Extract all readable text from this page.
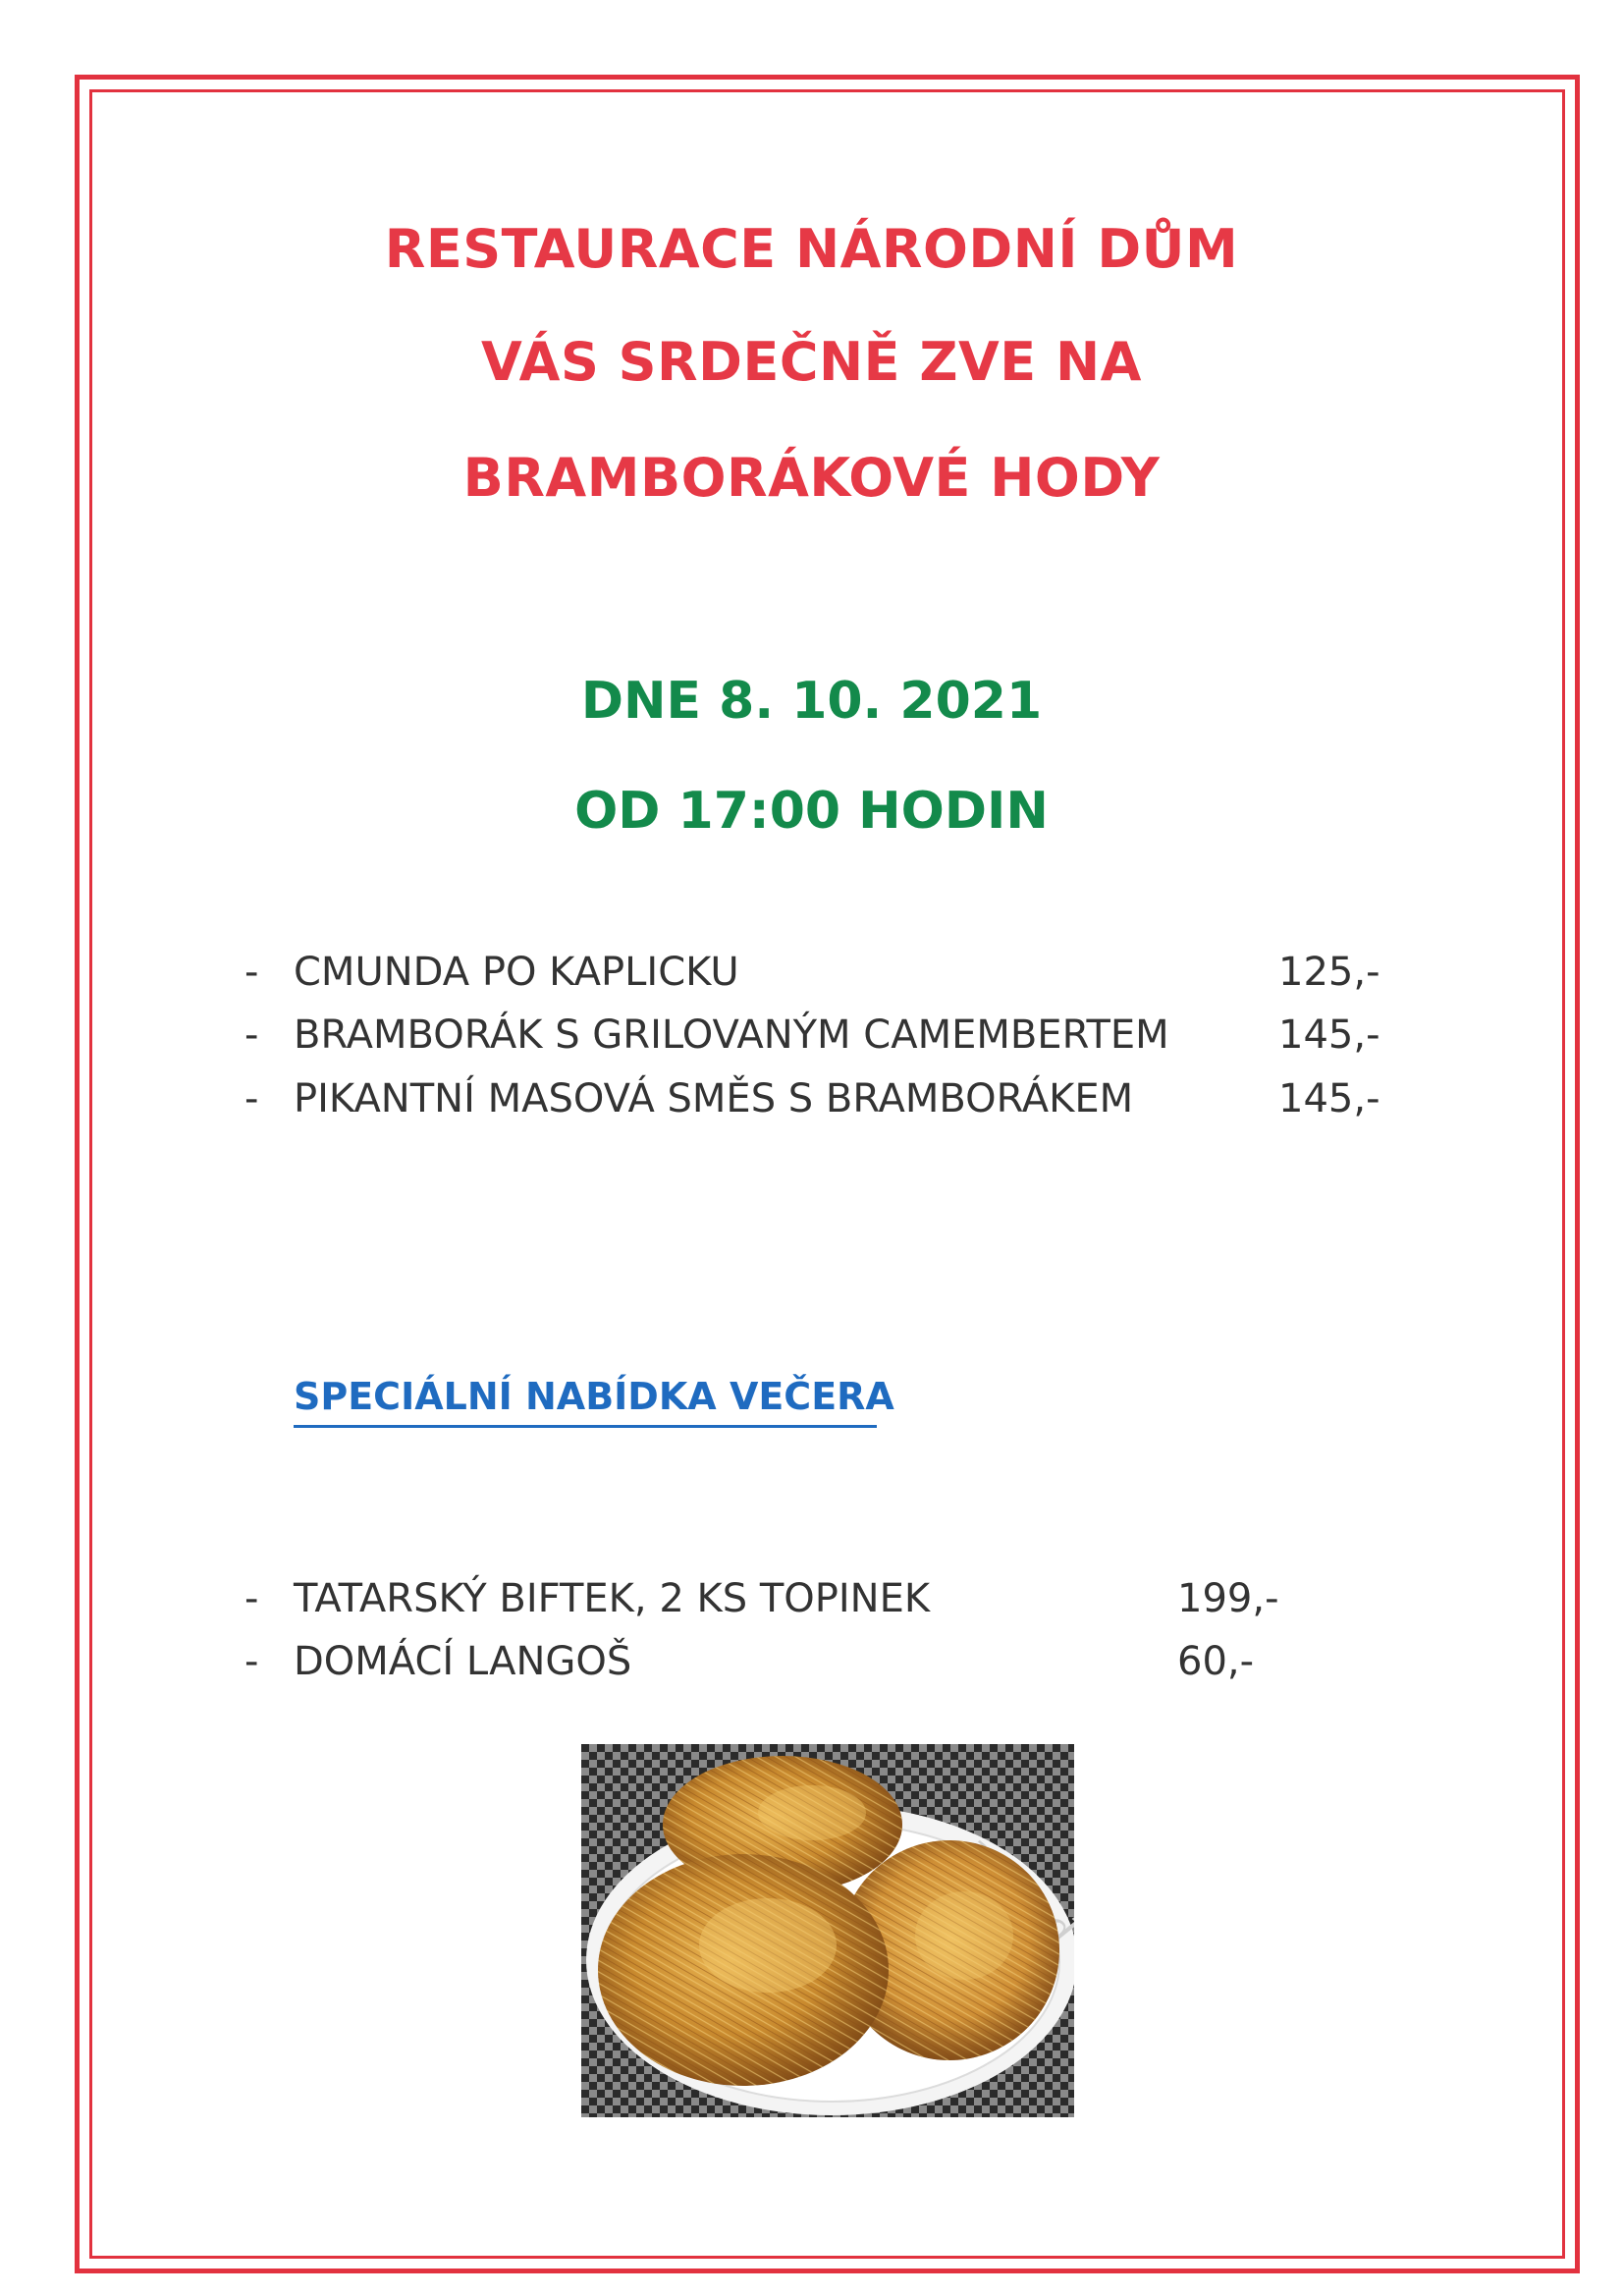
RESTAURACE NÁRODNÍ DŮM
VÁS SRDEČNĚ ZVE NA
BRAMBORÁKOVÉ HODY
DNE 8. 10. 2021
OD 17:00 HODIN
- CMUNDA PO KAPLICKU	125,-
- BRAMBORÁK S GRILOVANÝM CAMEMBERTEM	145,-
- PIKANTNÍ MASOVÁ SMĚS S BRAMBORÁKEM	145,-
SPECIÁLNÍ NABÍDKA VEČERA
- TATARSKÝ BIFTEK, 2 KS TOPINEK	199,-
- DOMÁCÍ LANGOŠ	60,-
